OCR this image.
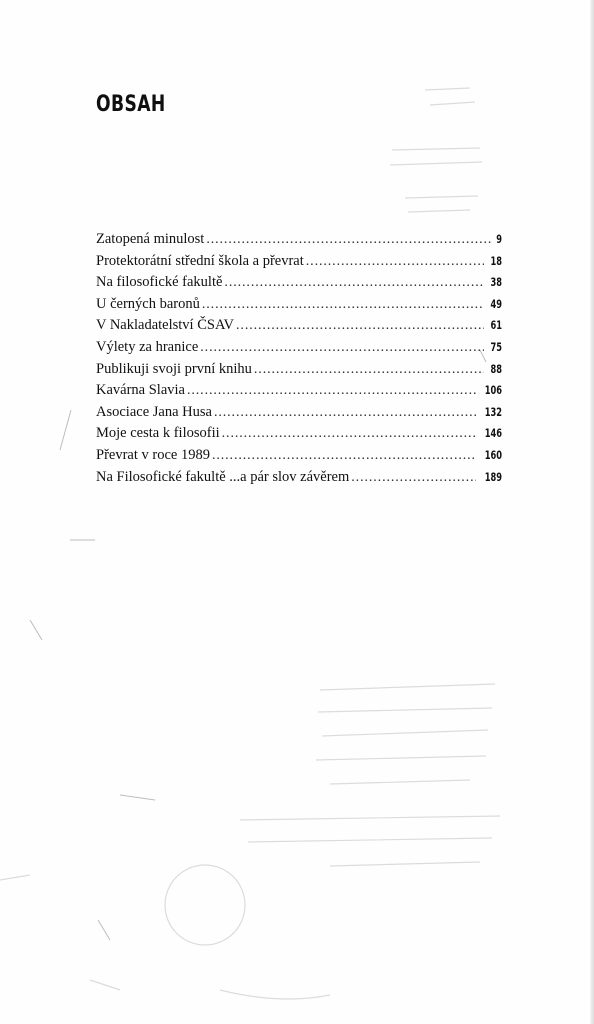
OBSAH
Zatopená minulost . . .	9
Protektorátní střední škola a převrat . . .	18
Na filosofické fakultě . . .	38
U černých baronů . . .	49
V Nakladatelství ČSAV . . .	61
Výlety za hranice . . .	75
Publikuji svoji první knihu . . .	88
Kavárna Slavia . . .	106
Asociace Jana Husa . . .	132
Moje cesta k filosofii . . .	146
Převrat v roce 1989 . . .	160
Na Filosofické fakultě ...a pár slov závěrem . . .	189
